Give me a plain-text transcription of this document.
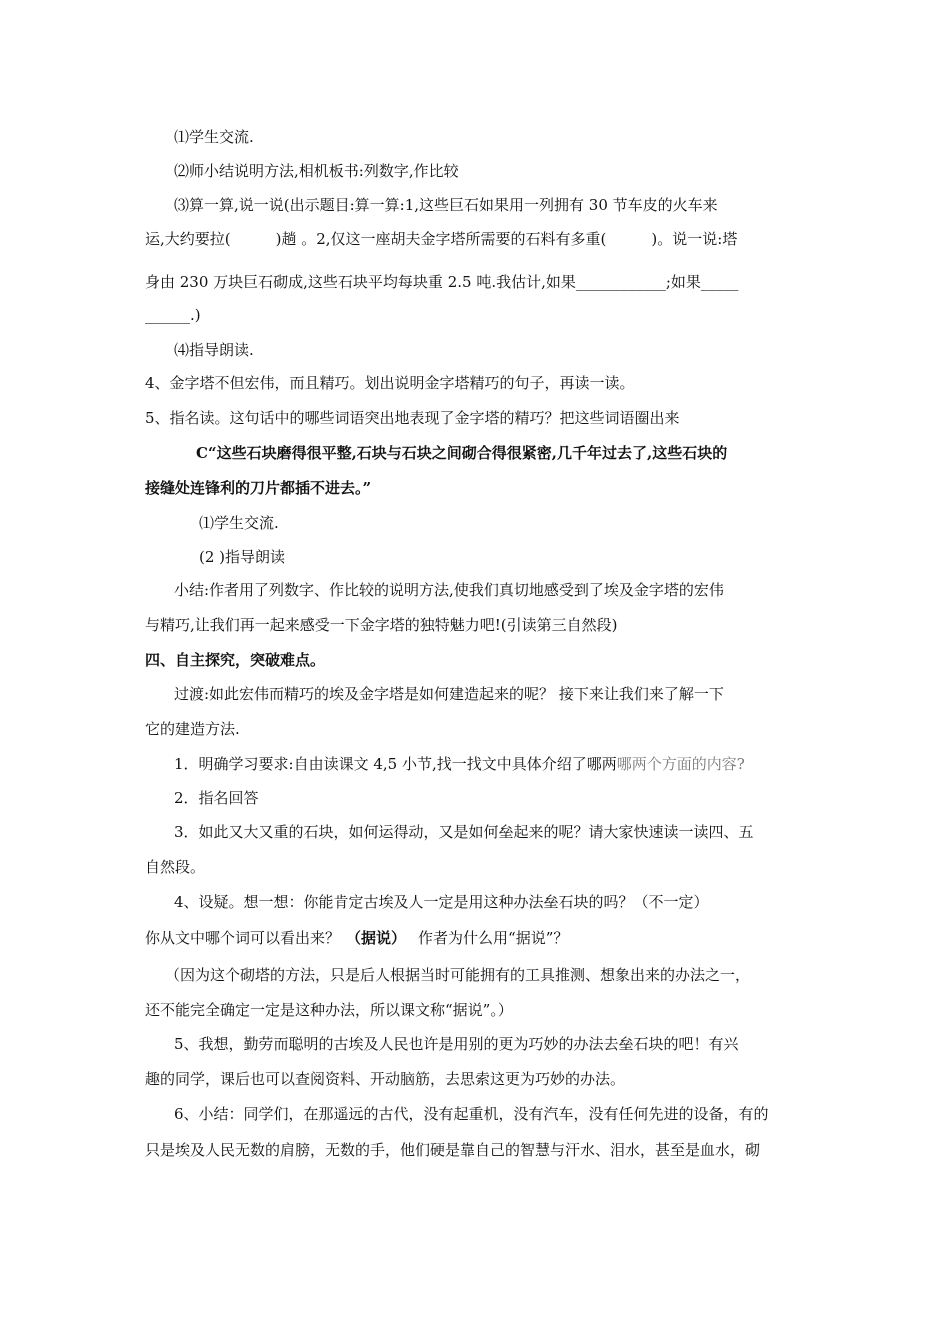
⑴学生交流.
⑵师小结说明方法,相机板书:列数字,作比较
⑶算一算,说一说(出示题目:算一算:1,这些巨石如果用一列拥有 30 节车皮的火车来
运,大约要拉(　　　)趟 。2,仅这一座胡夫金字塔所需要的石料有多重(　　　)。说一说:塔
身由 230 万块巨石砌成,这些石块平均每块重 2.5 吨.我估计,如果____________;如果_____
______.)
⑷指导朗读.
4、金字塔不但宏伟，而且精巧。划出说明金字塔精巧的句子，再读一读。
5、指名读。这句话中的哪些词语突出地表现了金字塔的精巧？把这些词语圈出来
C“这些石块磨得很平整,石块与石块之间砌合得很紧密,几千年过去了,这些石块的
接缝处连锋利的刀片都插不进去。”
⑴学生交流.
(2 )指导朗读
小结:作者用了列数字、作比较的说明方法,使我们真切地感受到了埃及金字塔的宏伟
与精巧,让我们再一起来感受一下金字塔的独特魅力吧!(引读第三自然段)
四、自主探究，突破难点。
过渡:如此宏伟而精巧的埃及金字塔是如何建造起来的呢？ 接下来让我们来了解一下
它的建造方法.
1．明确学习要求:自由读课文 4,5 小节,找一找文中具体介绍了哪两哪两个方面的内容?
2．指名回答
3．如此又大又重的石块，如何运得动，又是如何垒起来的呢？请大家快速读一读四、五
自然段。
4、设疑。想一想：你能肯定古埃及人一定是用这种办法垒石块的吗？（不一定）
你从文中哪个词可以看出来？ （据说） 作者为什么用“据说”？
（因为这个砌塔的方法，只是后人根据当时可能拥有的工具推测、想象出来的办法之一，
还不能完全确定一定是这种办法，所以课文称“据说”。）
5、我想，勤劳而聪明的古埃及人民也许是用别的更为巧妙的办法去垒石块的吧！有兴
趣的同学，课后也可以查阅资料、开动脑筋，去思索这更为巧妙的办法。
6、小结：同学们，在那遥远的古代，没有起重机，没有汽车，没有任何先进的设备，有的
只是埃及人民无数的肩膀，无数的手，他们硬是靠自己的智慧与汗水、泪水，甚至是血水，砌
